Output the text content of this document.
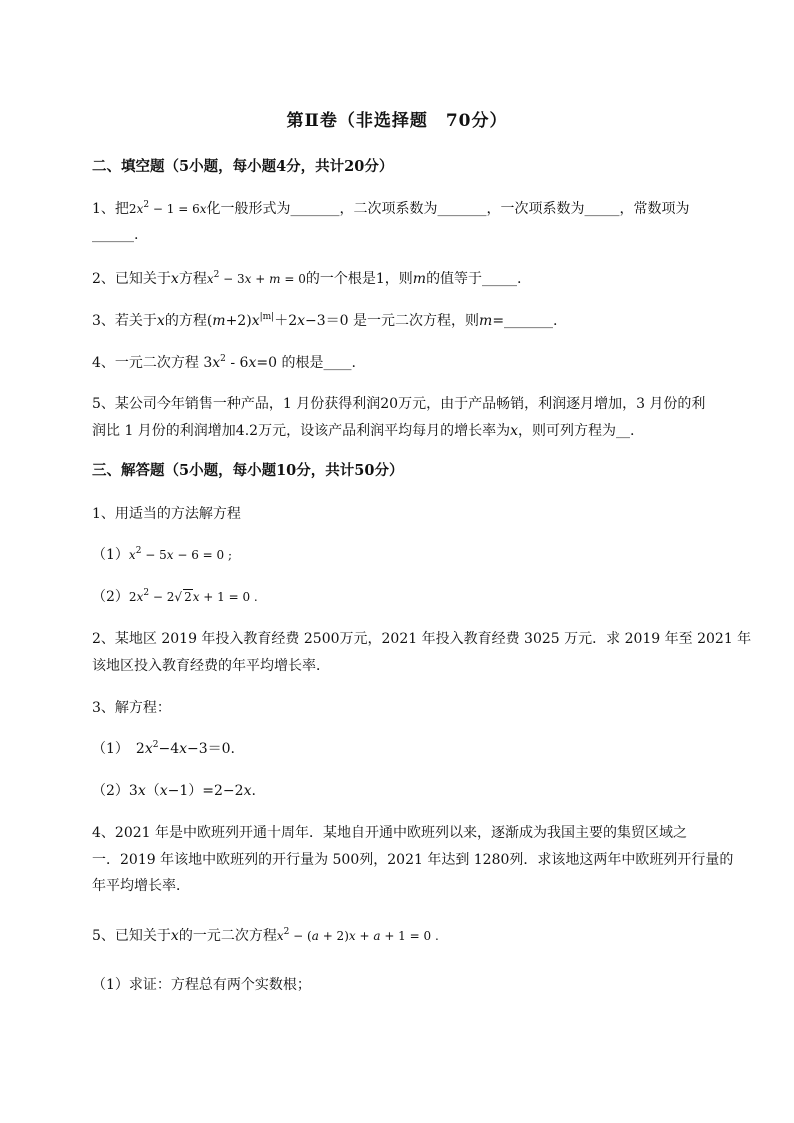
第Ⅱ卷（非选择题　70分）
二、填空题（5小题，每小题4分，共计20分）
1、把$2x^2 - 1 = 6x$化一般形式为_______，二次项系数为_______，一次项系数为_____，常数项为
______.
2、已知关于x方程$x^2 - 3x + m = 0$的一个根是1，则m的值等于_____.
3、若关于x的方程$(m+2)x^{|m|}+2x-3=0$ 是一元二次方程，则m=_______.
4、一元二次方程 $3x^2 - 6x=0$ 的根是____.
5、某公司今年销售一种产品，1 月份获得利润20万元，由于产品畅销，利润逐月增加，3 月份的利
润比 1 月份的利润增加4.2万元，设该产品利润平均每月的增长率为x，则可列方程为__.
三、解答题（5小题，每小题10分，共计50分）
1、用适当的方法解方程
$(1)x^2 - 5x - 6 = 0$ ;
$(2)2x^2 - 2√$ 2x + 1 = 0 .
2、某地区 2019 年投入教育经费 2500万元，2021 年投入教育经费 3025 万元．求 2019 年至 2021 年
该地区投入教育经费的年平均增长率．
3、解方程：
（1）　$2x^2-4x-3=0$.
（2）3x（x−1）=2−2x.
4、2021 年是中欧班列开通十周年．某地自开通中欧班列以来，逐渐成为我国主要的集贸区域之
一．2019 年该地中欧班列的开行量为 500列，2021 年达到 1280列．求该地这两年中欧班列开行量的
年平均增长率．
5、已知关于x的一元二次方程$x^2 - (a + 2)x + a + 1 = 0$ .
（1）求证：方程总有两个实数根；
